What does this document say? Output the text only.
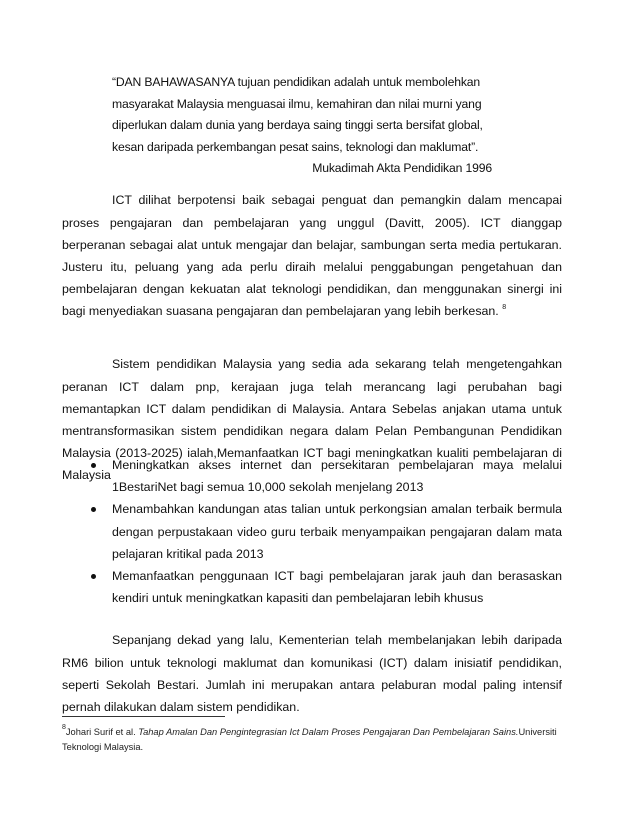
“DAN BAHAWASANYA tujuan pendidikan adalah untuk membolehkan
masyarakat Malaysia menguasai ilmu, kemahiran dan nilai murni yang
diperlukan dalam dunia yang berdaya saing tinggi serta bersifat global,
kesan daripada perkembangan pesat sains, teknologi dan maklumat”.
Mukadimah Akta Pendidikan 1996

ICT dilihat berpotensi baik sebagai penguat dan pemangkin dalam mencapai proses pengajaran dan pembelajaran yang unggul (Davitt, 2005). ICT dianggap berperanan sebagai alat untuk mengajar dan belajar, sambungan serta media pertukaran. Justeru itu, peluang yang ada perlu diraih melalui penggabungan pengetahuan dan pembelajaran dengan kekuatan alat teknologi pendidikan, dan menggunakan sinergi ini bagi menyediakan suasana pengajaran dan pembelajaran yang lebih berkesan. $^8$

Sistem pendidikan Malaysia yang sedia ada sekarang telah mengetengahkan peranan ICT dalam pnp, kerajaan juga telah merancang lagi perubahan bagi memantapkan ICT dalam pendidikan di Malaysia. Antara Sebelas anjakan utama untuk mentransformasikan sistem pendidikan negara dalam Pelan Pembangunan Pendidikan Malaysia (2013-2025) ialah,Memanfaatkan ICT bagi meningkatkan kualiti pembelajaran di Malaysia

Meningkatkan akses internet dan persekitaran pembelajaran maya melalui 1BestariNet bagi semua 10,000 sekolah menjelang 2013
Menambahkan kandungan atas talian untuk perkongsian amalan terbaik bermula dengan perpustakaan video guru terbaik menyampaikan pengajaran dalam mata pelajaran kritikal pada 2013
Memanfaatkan penggunaan ICT bagi pembelajaran jarak jauh dan berasaskan kendiri untuk meningkatkan kapasiti dan pembelajaran lebih khusus

Sepanjang dekad yang lalu, Kementerian telah membelanjakan lebih daripada RM6 bilion untuk teknologi maklumat dan komunikasi (ICT) dalam inisiatif pendidikan, seperti Sekolah Bestari. Jumlah ini merupakan antara pelaburan modal paling intensif pernah dilakukan dalam sistem pendidikan.

$^8$Johari Surif et al. Tahap Amalan Dan Pengintegrasian Ict Dalam Proses Pengajaran Dan Pembelajaran Sains.Universiti Teknologi Malaysia.
